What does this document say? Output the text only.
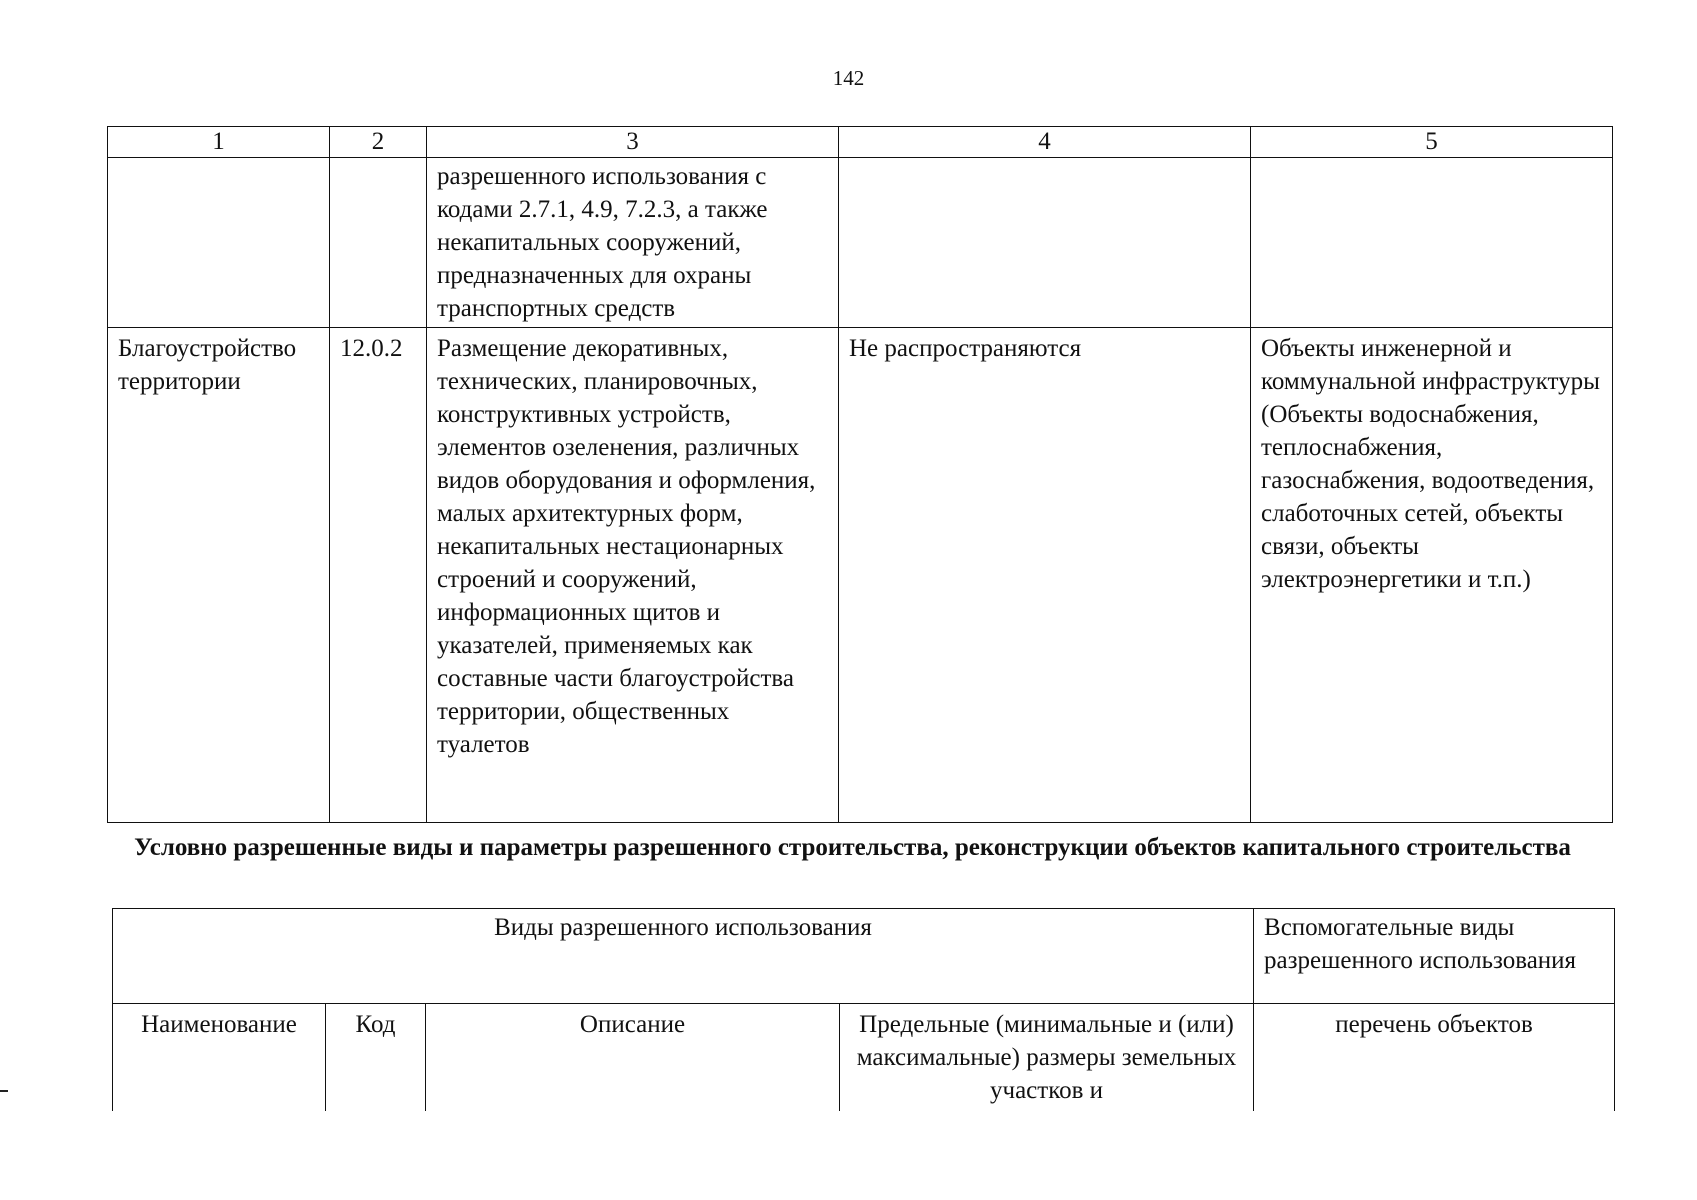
142
1	2	3	4	5
		разрешенного использования с кодами 2.7.1, 4.9, 7.2.3, а также некапитальных сооружений, предназначенных для охраны транспортных средств		
Благоустройство территории	12.0.2	Размещение декоративных, технических, планировочных, конструктивных устройств, элементов озеленения, различных видов оборудования и оформления, малых архитектурных форм, некапитальных нестационарных строений и сооружений, информационных щитов и указателей, применяемых как составные части благоустройства территории, общественных туалетов	Не распространяются	Объекты инженерной и коммунальной инфраструктуры (Объекты водоснабжения, теплоснабжения, газоснабжения, водоотведения, слаботочных сетей, объекты связи, объекты электроэнергетики и т.п.)
Условно разрешенные виды и параметры разрешенного строительства, реконструкции объектов капитального строительства
Виды разрешенного использования				Вспомогательные виды разрешенного использования
Наименование	Код	Описание	Предельные (минимальные и (или) максимальные) размеры земельных участков и	перечень объектов
